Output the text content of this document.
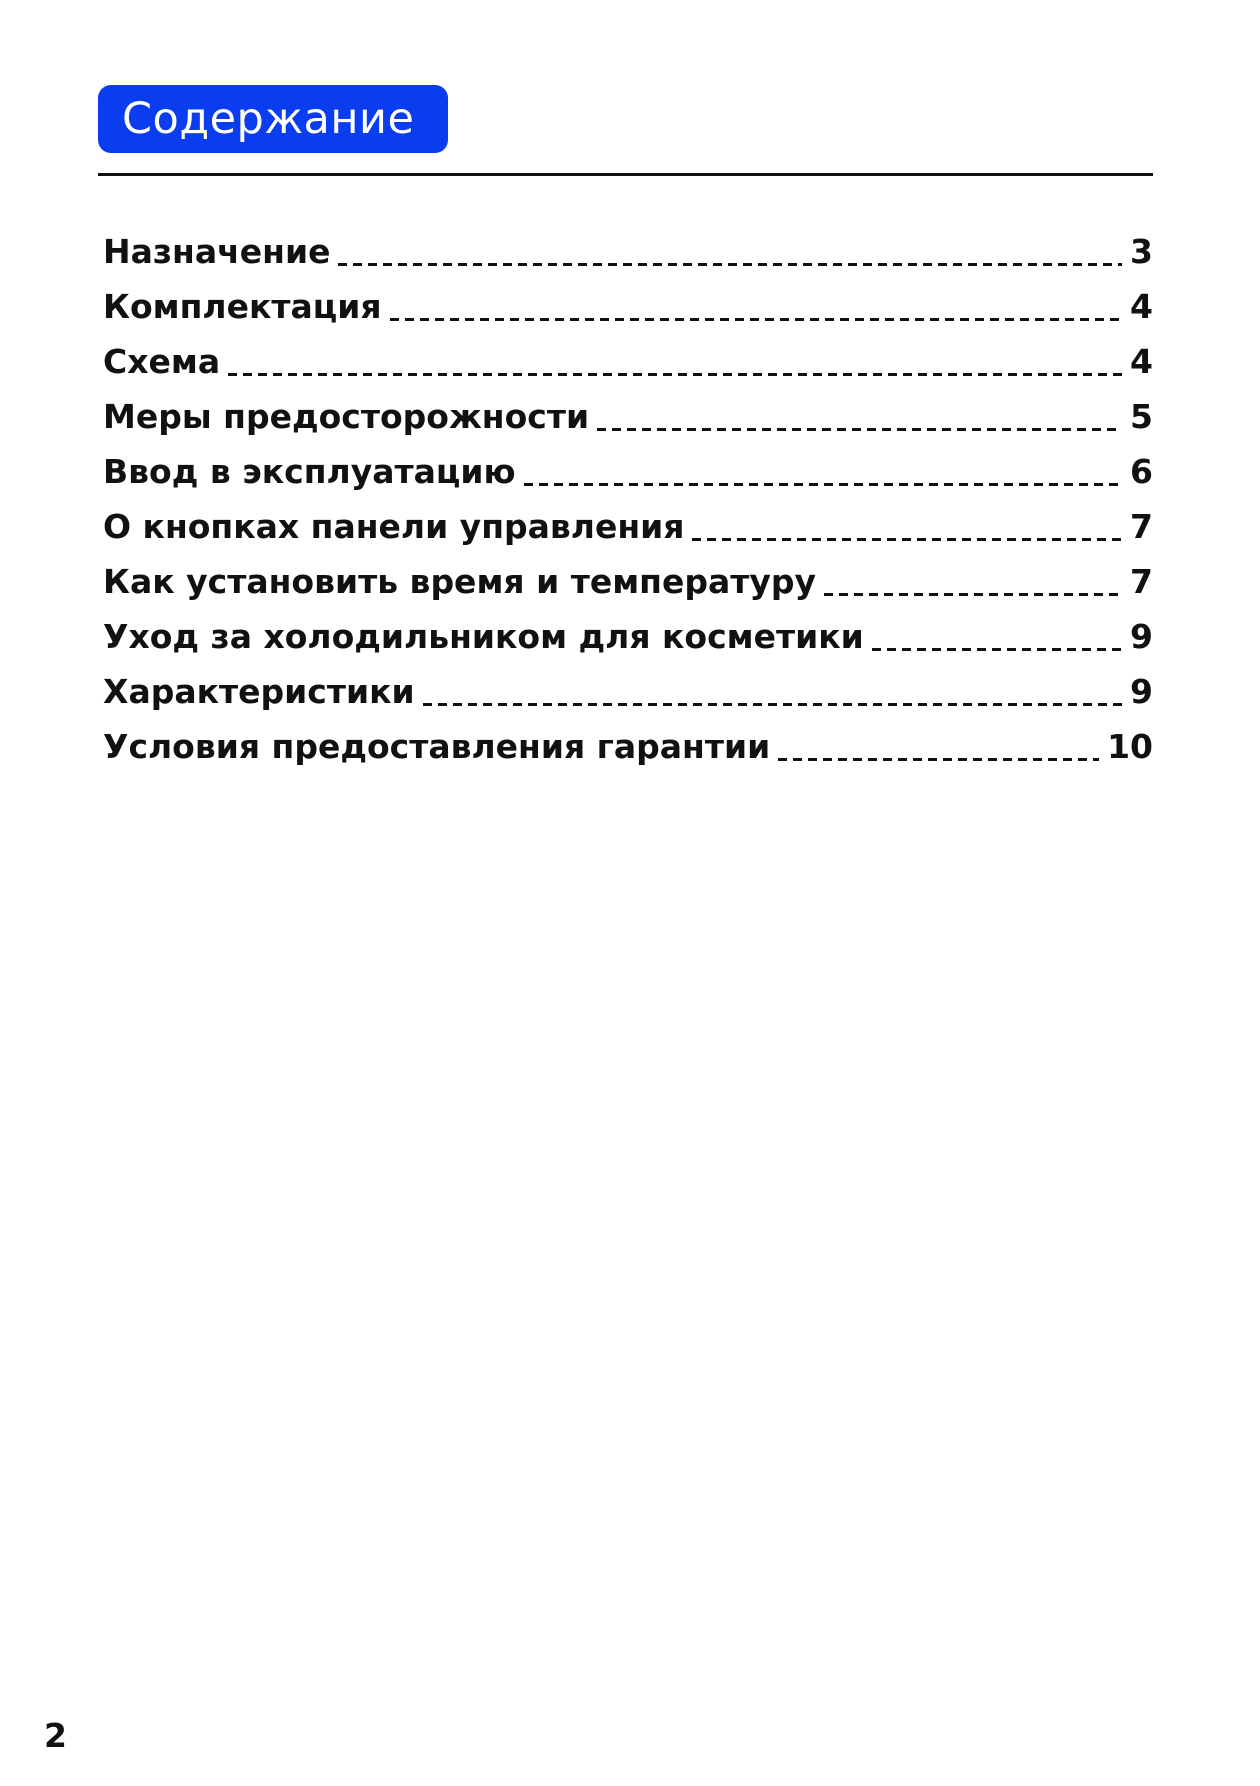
Содержание
Назначение	3
Комплектация	4
Схема	4
Меры предосторожности	5
Ввод в эксплуатацию	6
О кнопках панели управления	7
Как установить время и температуру	7
Уход за холодильником для косметики	9
Характеристики	9
Условия предоставления гарантии	10
2
